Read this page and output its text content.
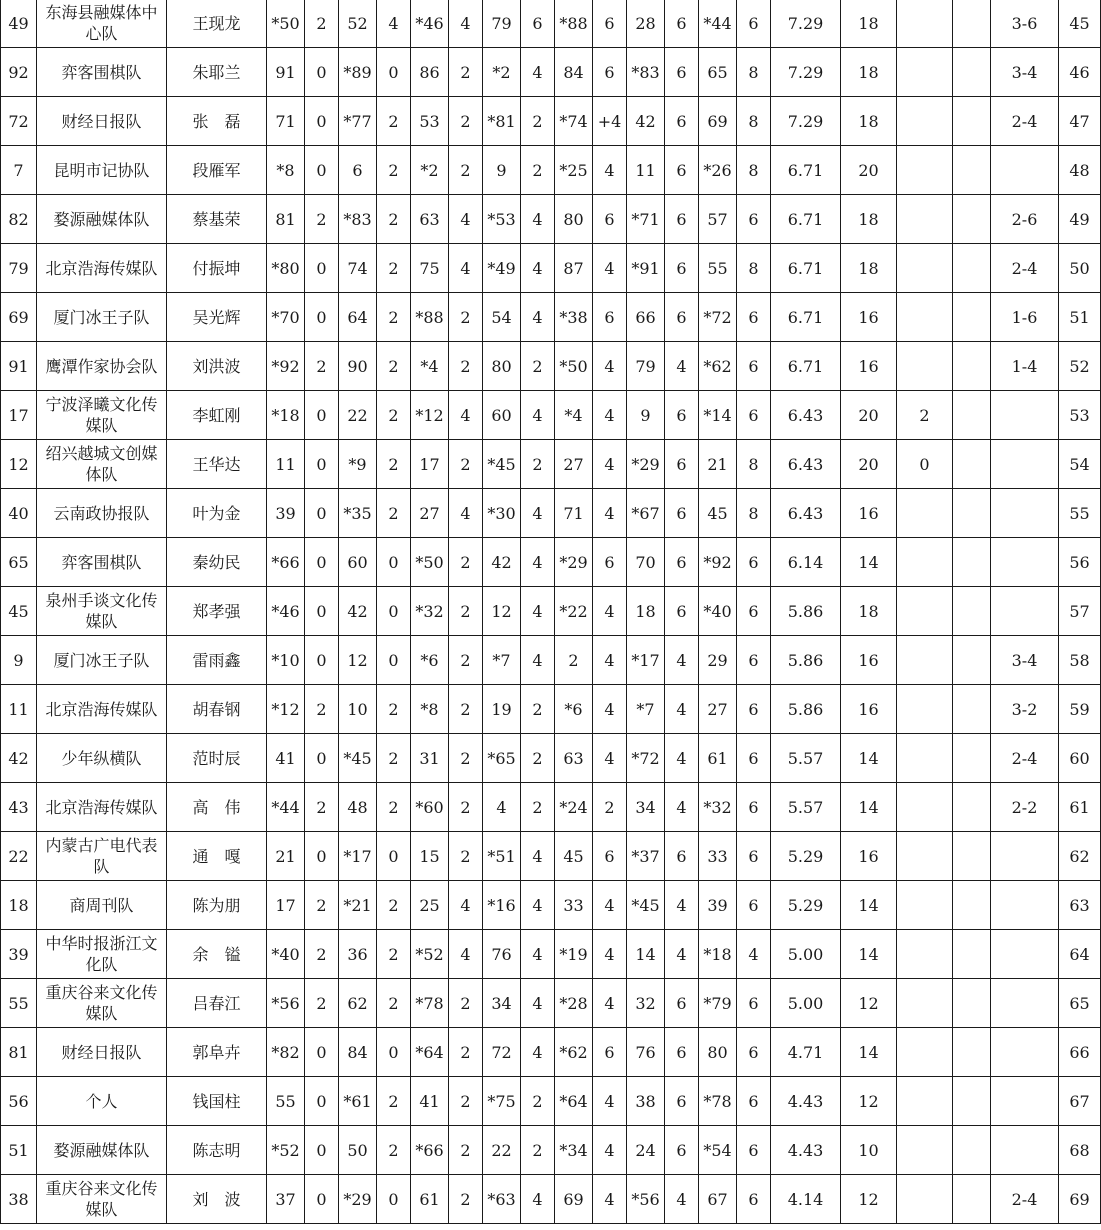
49	东海县融媒体中心队	王现龙	*50	2	52	4	*46	4	79	6	*88	6	28	6	*44	6	7.29	18			3-6	45
92	弈客围棋队	朱耶兰	91	0	*89	0	86	2	*2	4	84	6	*83	6	65	8	7.29	18			3-4	46
72	财经日报队	张　磊	71	0	*77	2	53	2	*81	2	*74	+4	42	6	69	8	7.29	18			2-4	47
7	昆明市记协队	段雁军	*8	0	6	2	*2	2	9	2	*25	4	11	6	*26	8	6.71	20				48
82	婺源融媒体队	蔡基荣	81	2	*83	2	63	4	*53	4	80	6	*71	6	57	6	6.71	18			2-6	49
79	北京浩海传媒队	付振坤	*80	0	74	2	75	4	*49	4	87	4	*91	6	55	8	6.71	18			2-4	50
69	厦门冰王子队	吴光辉	*70	0	64	2	*88	2	54	4	*38	6	66	6	*72	6	6.71	16			1-6	51
91	鹰潭作家协会队	刘洪波	*92	2	90	2	*4	2	80	2	*50	4	79	4	*62	6	6.71	16			1-4	52
17	宁波泽曦文化传媒队	李虹刚	*18	0	22	2	*12	4	60	4	*4	4	9	6	*14	6	6.43	20	2			53
12	绍兴越城文创媒体队	王华达	11	0	*9	2	17	2	*45	2	27	4	*29	6	21	8	6.43	20	0			54
40	云南政协报队	叶为金	39	0	*35	2	27	4	*30	4	71	4	*67	6	45	8	6.43	16				55
65	弈客围棋队	秦幼民	*66	0	60	0	*50	2	42	4	*29	6	70	6	*92	6	6.14	14				56
45	泉州手谈文化传媒队	郑孝强	*46	0	42	0	*32	2	12	4	*22	4	18	6	*40	6	5.86	18				57
9	厦门冰王子队	雷雨鑫	*10	0	12	0	*6	2	*7	4	2	4	*17	4	29	6	5.86	16			3-4	58
11	北京浩海传媒队	胡春钢	*12	2	10	2	*8	2	19	2	*6	4	*7	4	27	6	5.86	16			3-2	59
42	少年纵横队	范时辰	41	0	*45	2	31	2	*65	2	63	4	*72	4	61	6	5.57	14			2-4	60
43	北京浩海传媒队	高　伟	*44	2	48	2	*60	2	4	2	*24	2	34	4	*32	6	5.57	14			2-2	61
22	内蒙古广电代表队	通　嘎	21	0	*17	0	15	2	*51	4	45	6	*37	6	33	6	5.29	16				62
18	商周刊队	陈为朋	17	2	*21	2	25	4	*16	4	33	4	*45	4	39	6	5.29	14				63
39	中华时报浙江文化队	余　镒	*40	2	36	2	*52	4	76	4	*19	4	14	4	*18	4	5.00	14				64
55	重庆谷来文化传媒队	吕春江	*56	2	62	2	*78	2	34	4	*28	4	32	6	*79	6	5.00	12				65
81	财经日报队	郭阜卉	*82	0	84	0	*64	2	72	4	*62	6	76	6	80	6	4.71	14				66
56	个人	钱国柱	55	0	*61	2	41	2	*75	2	*64	4	38	6	*78	6	4.43	12				67
51	婺源融媒体队	陈志明	*52	0	50	2	*66	2	22	2	*34	4	24	6	*54	6	4.43	10				68
38	重庆谷来文化传媒队	刘　波	37	0	*29	0	61	2	*63	4	69	4	*56	4	67	6	4.14	12			2-4	69
